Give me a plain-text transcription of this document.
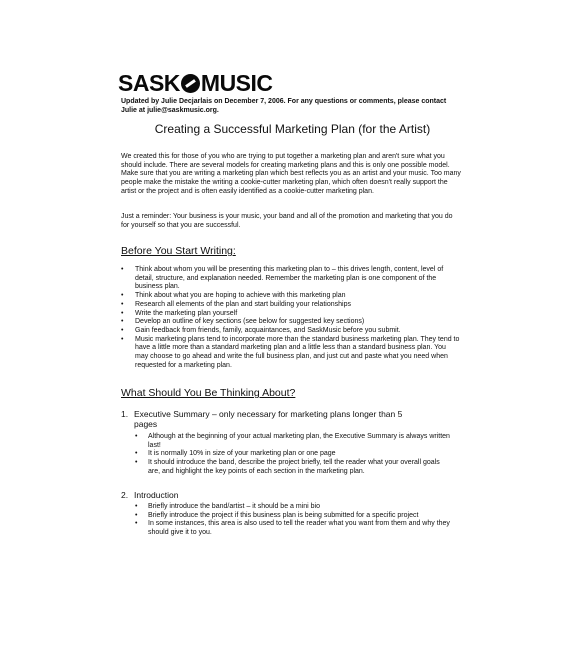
SASK MUSIC
Updated by Julie Decjarlais on December 7, 2006. For any questions or comments, please contact
Julie at julie@saskmusic.org.
Creating a Successful Marketing Plan (for the Artist)
We created this for those of you who are trying to put together a marketing plan and aren't sure what you should include. There are several models for creating marketing plans and this is only one possible model. Make sure that you are writing a marketing plan which best reflects you as an artist and your music. Too many people make the mistake the writing a cookie-cutter marketing plan, which often doesn't really support the artist or the project and is often easily identified as a cookie-cutter marketing plan.
Just a reminder: Your business is your music, your band and all of the promotion and marketing that you do for yourself so that you are successful.
Before You Start Writing:
• Think about whom you will be presenting this marketing plan to – this drives length, content, level of detail, structure, and explanation needed. Remember the marketing plan is one component of the business plan.
• Think about what you are hoping to achieve with this marketing plan
• Research all elements of the plan and start building your relationships
• Write the marketing plan yourself
• Develop an outline of key sections (see below for suggested key sections)
• Gain feedback from friends, family, acquaintances, and SaskMusic before you submit.
• Music marketing plans tend to incorporate more than the standard business marketing plan. They tend to have a little more than a standard marketing plan and a little less than a standard business plan. You may choose to go ahead and write the full business plan, and just cut and paste what you need when requested for a marketing plan.
What Should You Be Thinking About?
1. Executive Summary – only necessary for marketing plans longer than 5
pages
• Although at the beginning of your actual marketing plan, the Executive Summary is always written last!
• It is normally 10% in size of your marketing plan or one page
• It should introduce the band, describe the project briefly, tell the reader what your overall goals are, and highlight the key points of each section in the marketing plan.
2. Introduction
• Briefly introduce the band/artist – it should be a mini bio
• Briefly introduce the project if this business plan is being submitted for a specific project
• In some instances, this area is also used to tell the reader what you want from them and why they should give it to you.
